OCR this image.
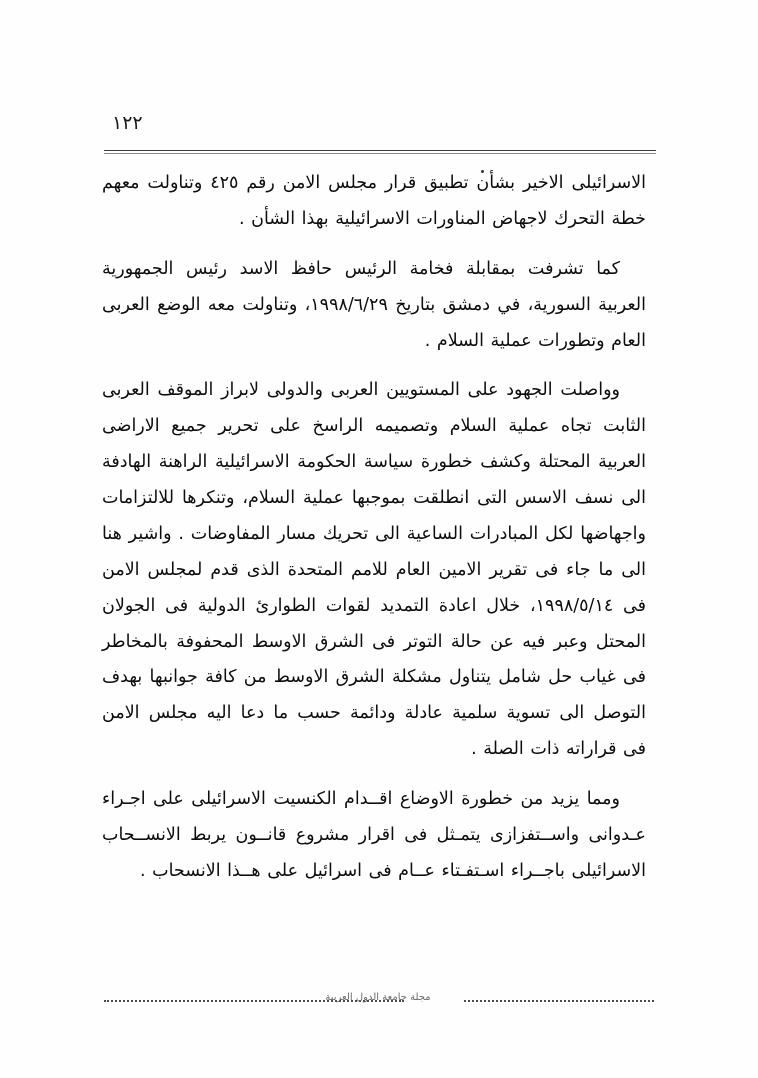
١٢٢

الاسرائيلى الاخير بشأن تطبيق قرار مجلس الامن رقم ٤٢٥ وتناولت معهم خطة التحرك لاجهاض المناورات الاسرائيلية بهذا الشأن .

كما تشرفت بمقابلة فخامة الرئيس حافظ الاسد رئيس الجمهورية العربية السورية، في دمشق بتاريخ ١٩٩٨/٦/٢٩، وتناولت معه الوضع العربى العام وتطورات عملية السلام .

وواصلت الجهود على المستويين العربى والدولى لابراز الموقف العربى الثابت تجاه عملية السلام وتصميمه الراسخ على تحرير جميع الاراضى العربية المحتلة وكشف خطورة سياسة الحكومة الاسرائيلية الراهنة الهادفة الى نسف الاسس التى انطلقت بموجبها عملية السلام، وتنكرها للالتزامات واجهاضها لكل المبادرات الساعية الى تحريك مسار المفاوضات . واشير هنا الى ما جاء فى تقرير الامين العام للامم المتحدة الذى قدم لمجلس الامن فى ١٩٩٨/٥/١٤، خلال اعادة التمديد لقوات الطوارئ الدولية فى الجولان المحتل وعبر فيه عن حالة التوتر فى الشرق الاوسط المحفوفة بالمخاطر فى غياب حل شامل يتناول مشكلة الشرق الاوسط من كافة جوانبها بهدف التوصل الى تسوية سلمية عادلة ودائمة حسب ما دعا اليه مجلس الامن فى قراراته ذات الصلة .

ومما يزيد من خطورة الاوضاع اقــدام الكنسيت الاسرائيلى على اجـراء عـدوانى واســتفزازى يتمـثل فى اقرار مشروع قانــون يربط الانســحاب الاسرائيلى باجــراء اسـتفـتاء عــام فى اسرائيل على هــذا الانسحاب .

مجلة جامعة الدول العربية
